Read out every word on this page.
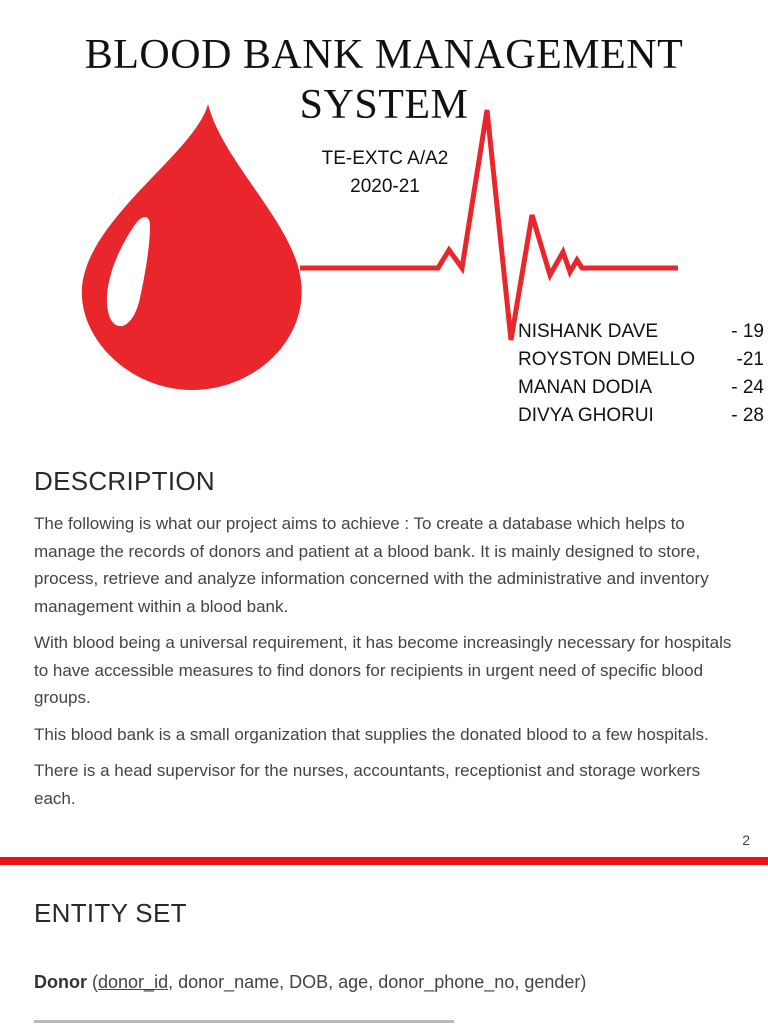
BLOOD BANK MANAGEMENT
SYSTEM
TE-EXTC A/A2
2020-21
NISHANK DAVE	- 19
ROYSTON DMELLO -21
MANAN DODIA	- 24
DIVYA GHORUI	- 28
DESCRIPTION

The following is what our project aims to achieve : To create a database which helps to manage the records of donors and patient at a blood bank. It is mainly designed to store, process, retrieve and analyze information concerned with the administrative and inventory management within a blood bank.

With blood being a universal requirement, it has become increasingly necessary for hospitals to have accessible measures to find donors for recipients in urgent need of specific blood groups.

This blood bank is a small organization that supplies the donated blood to a few hospitals.

There is a head supervisor for the nurses, accountants, receptionist and storage workers each.

2
ENTITY SET
Donor (donor_id, donor_name, DOB, age, donor_phone_no, gender)
